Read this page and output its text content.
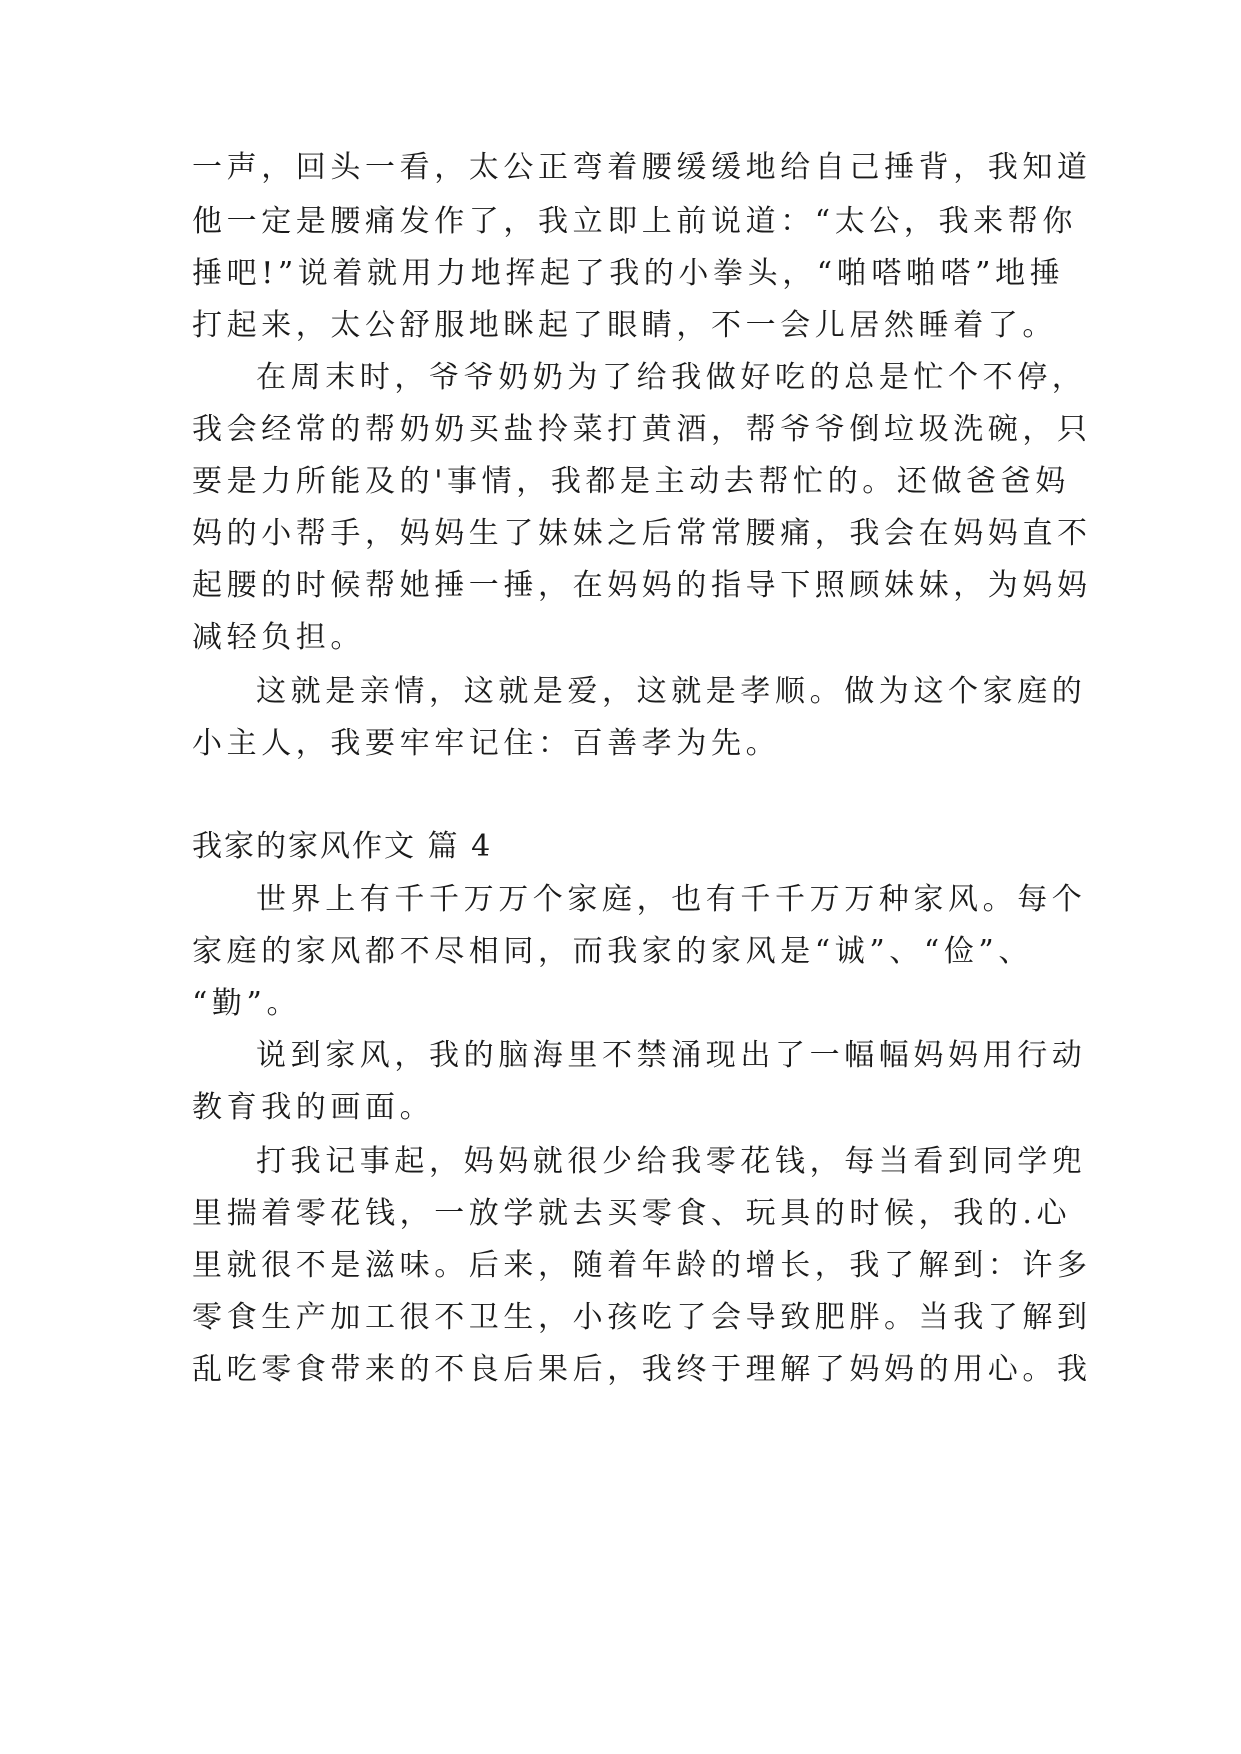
一声，回头一看，太公正弯着腰缓缓地给自己捶背，我知道
他一定是腰痛发作了，我立即上前说道：“太公，我来帮你
捶吧!”说着就用力地挥起了我的小拳头，“啪嗒啪嗒”地捶
打起来，太公舒服地眯起了眼睛，不一会儿居然睡着了。
在周末时，爷爷奶奶为了给我做好吃的总是忙个不停，
我会经常的帮奶奶买盐拎菜打黄酒，帮爷爷倒垃圾洗碗，只
要是力所能及的'事情，我都是主动去帮忙的。还做爸爸妈
妈的小帮手，妈妈生了妹妹之后常常腰痛，我会在妈妈直不
起腰的时候帮她捶一捶，在妈妈的指导下照顾妹妹，为妈妈
减轻负担。
这就是亲情，这就是爱，这就是孝顺。做为这个家庭的
小主人，我要牢牢记住：百善孝为先。
我家的家风作文 篇 4
世界上有千千万万个家庭，也有千千万万种家风。每个
家庭的家风都不尽相同，而我家的家风是“诚”、“俭”、
“勤”。
说到家风，我的脑海里不禁涌现出了一幅幅妈妈用行动
教育我的画面。
打我记事起，妈妈就很少给我零花钱，每当看到同学兜
里揣着零花钱，一放学就去买零食、玩具的时候，我的.心
里就很不是滋味。后来，随着年龄的增长，我了解到：许多
零食生产加工很不卫生，小孩吃了会导致肥胖。当我了解到
乱吃零食带来的不良后果后，我终于理解了妈妈的用心。我
